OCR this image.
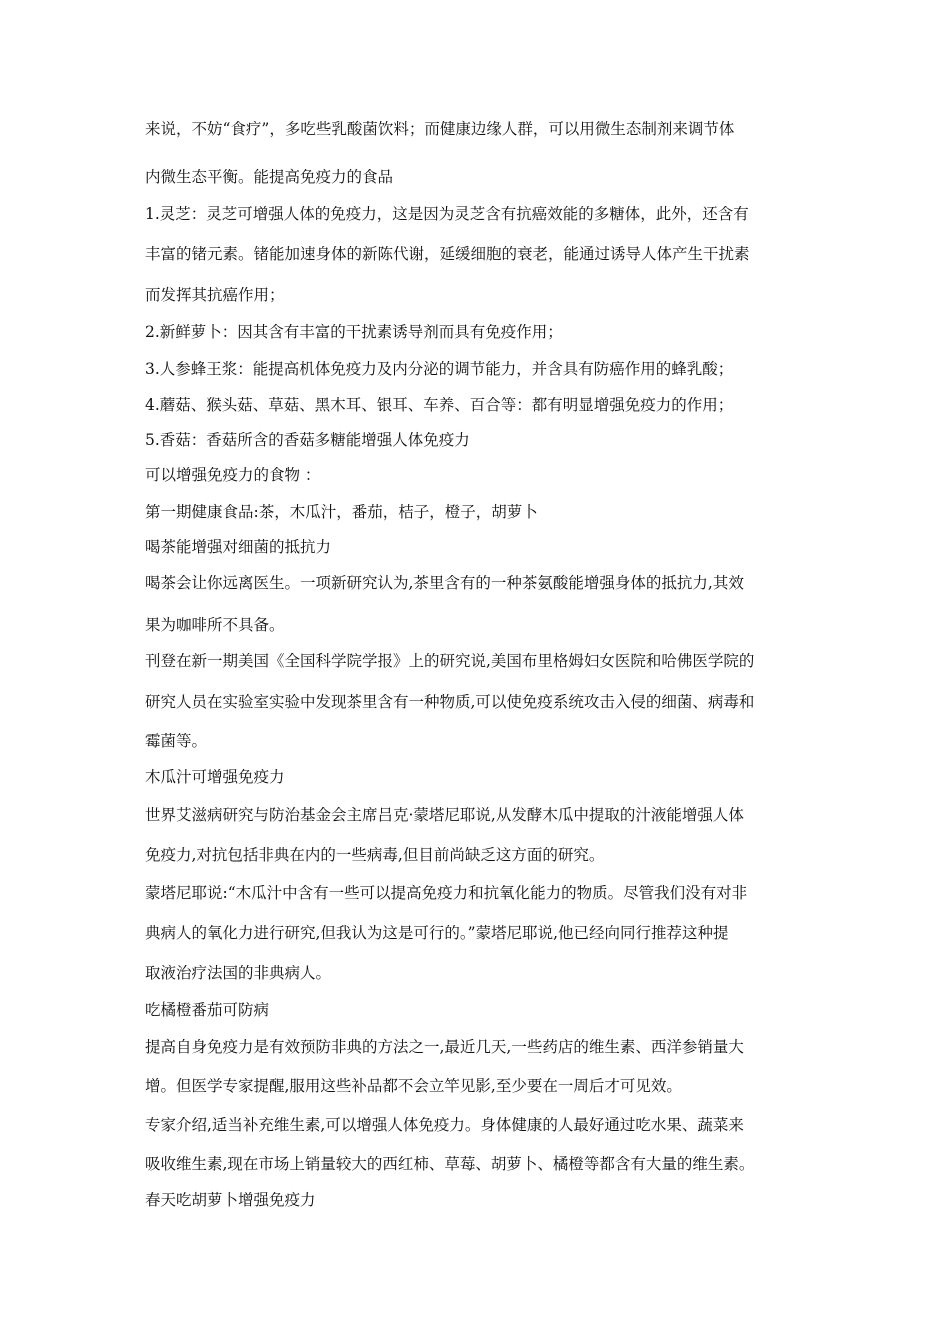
来说，不妨“食疗”，多吃些乳酸菌饮料；而健康边缘人群，可以用微生态制剂来调节体
内微生态平衡。能提高免疫力的食品
1.灵芝：灵芝可增强人体的免疫力，这是因为灵芝含有抗癌效能的多糖体，此外，还含有
丰富的锗元素。锗能加速身体的新陈代谢，延缓细胞的衰老，能通过诱导人体产生干扰素
而发挥其抗癌作用；
2.新鲜萝卜：因其含有丰富的干扰素诱导剂而具有免疫作用；
3.人参蜂王浆：能提高机体免疫力及内分泌的调节能力，并含具有防癌作用的蜂乳酸；
4.蘑菇、猴头菇、草菇、黑木耳、银耳、车养、百合等：都有明显增强免疫力的作用；
5.香菇：香菇所含的香菇多糖能增强人体免疫力
可以增强免疫力的食物 ：
第一期健康食品:茶，木瓜汁，番茄，桔子，橙子，胡萝卜
喝茶能增强对细菌的抵抗力
喝茶会让你远离医生。一项新研究认为,茶里含有的一种茶氨酸能增强身体的抵抗力,其效
果为咖啡所不具备。
刊登在新一期美国《全国科学院学报》上的研究说,美国布里格姆妇女医院和哈佛医学院的
研究人员在实验室实验中发现茶里含有一种物质,可以使免疫系统攻击入侵的细菌、病毒和
霉菌等。
木瓜汁可增强免疫力
世界艾滋病研究与防治基金会主席吕克·蒙塔尼耶说,从发酵木瓜中提取的汁液能增强人体
免疫力,对抗包括非典在内的一些病毒,但目前尚缺乏这方面的研究。
蒙塔尼耶说:“木瓜汁中含有一些可以提高免疫力和抗氧化能力的物质。尽管我们没有对非
典病人的氧化力进行研究,但我认为这是可行的。”蒙塔尼耶说,他已经向同行推荐这种提
取液治疗法国的非典病人。
吃橘橙番茄可防病
提高自身免疫力是有效预防非典的方法之一,最近几天,一些药店的维生素、西洋参销量大
增。但医学专家提醒,服用这些补品都不会立竿见影,至少要在一周后才可见效。
专家介绍,适当补充维生素,可以增强人体免疫力。身体健康的人最好通过吃水果、蔬菜来
吸收维生素,现在市场上销量较大的西红柿、草莓、胡萝卜、橘橙等都含有大量的维生素。
春天吃胡萝卜增强免疫力
